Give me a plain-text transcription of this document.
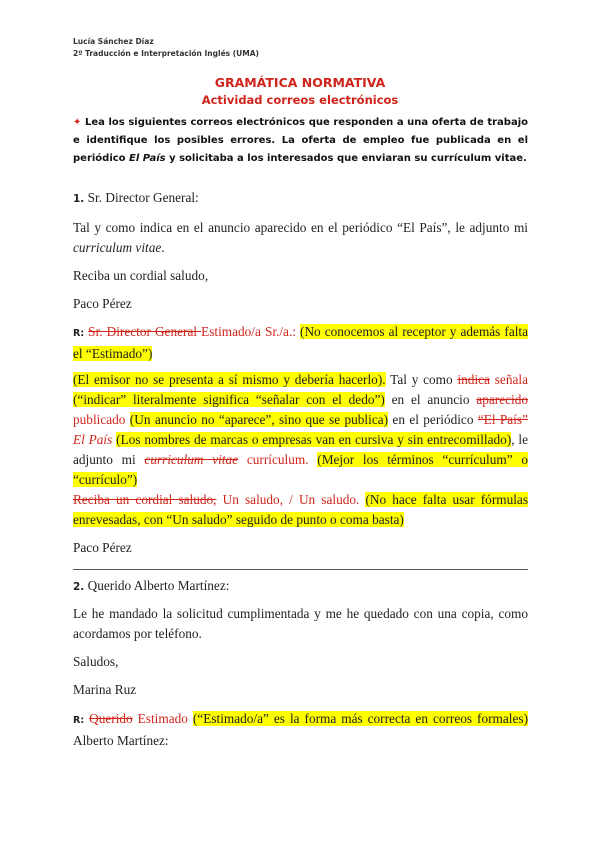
Lucía Sánchez Díaz
2º Traducción e Interpretación Inglés (UMA)
GRAMÁTICA NORMATIVA
Actividad correos electrónicos
✦ Lea los siguientes correos electrónicos que responden a una oferta de trabajo e identifique los posibles errores. La oferta de empleo fue publicada en el periódico El País y solicitaba a los interesados que enviaran su currículum vitae.
1. Sr. Director General:
Tal y como indica en el anuncio aparecido en el periódico “El País”, le adjunto mi curriculum vitae.
Reciba un cordial saludo,
Paco Pérez
R: Sr. Director General Estimado/a Sr./a.: (No conocemos al receptor y además falta el “Estimado”)
(El emisor no se presenta a sí mismo y debería hacerlo). Tal y como indica señala (“indicar” literalmente significa “señalar con el dedo”) en el anuncio aparecido publicado (Un anuncio no “aparece”, sino que se publica) en el periódico “El País” El País (Los nombres de marcas o empresas van en cursiva y sin entrecomillado), le adjunto mi curriculum vitae currículum. (Mejor los términos “currículum” o “currículo”)
Reciba un cordial saludo, Un saludo, / Un saludo. (No hace falta usar fórmulas enrevesadas, con “Un saludo” seguido de punto o coma basta)
Paco Pérez
2. Querido Alberto Martínez:
Le he mandado la solicitud cumplimentada y me he quedado con una copia, como acordamos por teléfono.
Saludos,
Marina Ruz
R: Querido Estimado (“Estimado/a” es la forma más correcta en correos formales) Alberto Martínez:
